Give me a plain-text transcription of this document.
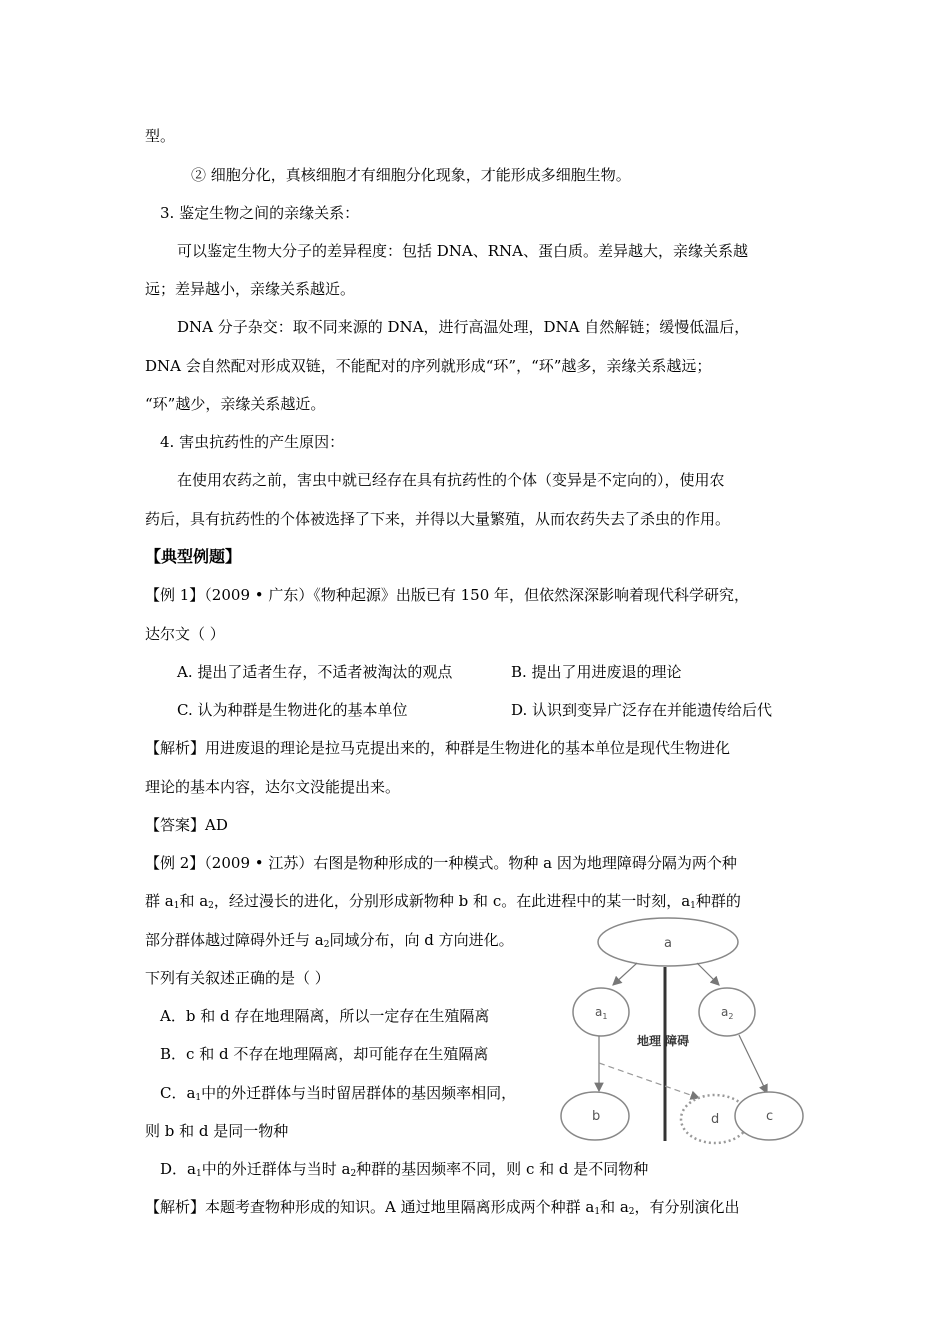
型。
② 细胞分化，真核细胞才有细胞分化现象，才能形成多细胞生物。
3. 鉴定生物之间的亲缘关系：
可以鉴定生物大分子的差异程度：包括 DNA、RNA、蛋白质。差异越大，亲缘关系越
远；差异越小，亲缘关系越近。
DNA 分子杂交：取不同来源的 DNA，进行高温处理，DNA 自然解链；缓慢低温后，
DNA 会自然配对形成双链，不能配对的序列就形成“环”，“环”越多，亲缘关系越远；
“环”越少，亲缘关系越近。
4. 害虫抗药性的产生原因：
在使用农药之前，害虫中就已经存在具有抗药性的个体（变异是不定向的），使用农
药后，具有抗药性的个体被选择了下来，并得以大量繁殖，从而农药失去了杀虫的作用。
【典型例题】
【例 1】（2009 • 广东）《物种起源》出版已有 150 年，但依然深深影响着现代科学研究，
达尔文（ ）
A. 提出了适者生存，不适者被淘汰的观点	B. 提出了用进废退的理论
C. 认为种群是生物进化的基本单位	D. 认识到变异广泛存在并能遗传给后代
【解析】用进废退的理论是拉马克提出来的，种群是生物进化的基本单位是现代生物进化
理论的基本内容，达尔文没能提出来。
【答案】AD
【例 2】（2009 • 江苏）右图是物种形成的一种模式。物种 a 因为地理障碍分隔为两个种
群 $a_1$和 $a_2$，经过漫长的进化，分别形成新物种 b 和 c。在此进程中的某一时刻，$a_1$种群的
部分群体越过障碍外迁与 $a_2$同域分布，向 d 方向进化。
下列有关叙述正确的是（ ）
A．b 和 d 存在地理隔离，所以一定存在生殖隔离
B．c 和 d 不存在地理隔离，却可能存在生殖隔离
C．$a_1$中的外迁群体与当时留居群体的基因频率相同，
则 b 和 d 是同一物种
D．$a_1$中的外迁群体与当时 $a_2$种群的基因频率不同，则 c 和 d 是不同物种
【解析】本题考查物种形成的知识。A 通过地里隔离形成两个种群 $a_1$和 $a_2$，有分别演化出
a
$a_1$	$a_2$
地理 障碍
b	d	c
